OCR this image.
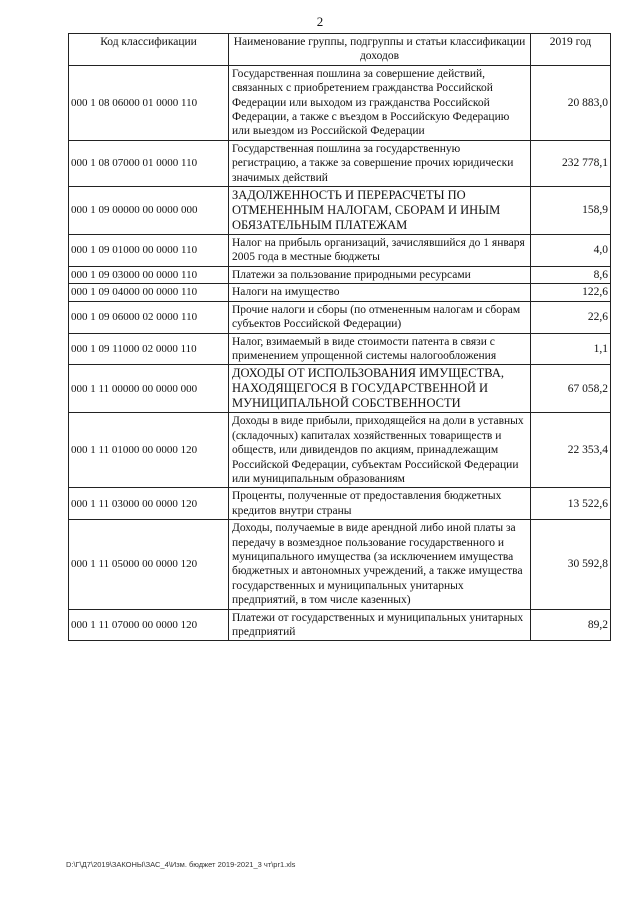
2
Код классификации	Наименование группы, подгруппы и статьи классификации доходов	2019 год
000 1 08 06000 01 0000 110	Государственная пошлина за совершение действий, связанных с приобретением гражданства Российской Федерации или выходом из гражданства Российской Федерации, а также с въездом в Российскую Федерацию или выездом из Российской Федерации	20 883,0
000 1 08 07000 01 0000 110	Государственная пошлина за государственную регистрацию, а также за совершение прочих юридически значимых действий	232 778,1
000 1 09 00000 00 0000 000	ЗАДОЛЖЕННОСТЬ И ПЕРЕРАСЧЕТЫ ПО ОТМЕНЕННЫМ НАЛОГАМ, СБОРАМ И ИНЫМ ОБЯЗАТЕЛЬНЫМ ПЛАТЕЖАМ	158,9
000 1 09 01000 00 0000 110	Налог на прибыль организаций, зачислявшийся до 1 января 2005 года в местные бюджеты	4,0
000 1 09 03000 00 0000 110	Платежи за пользование природными ресурсами	8,6
000 1 09 04000 00 0000 110	Налоги на имущество	122,6
000 1 09 06000 02 0000 110	Прочие налоги и сборы (по отмененным налогам и сборам субъектов Российской Федерации)	22,6
000 1 09 11000 02 0000 110	Налог, взимаемый в виде стоимости патента в связи с применением упрощенной системы налогообложения	1,1
000 1 11 00000 00 0000 000	ДОХОДЫ ОТ ИСПОЛЬЗОВАНИЯ ИМУЩЕСТВА, НАХОДЯЩЕГОСЯ В ГОСУДАРСТВЕННОЙ И МУНИЦИПАЛЬНОЙ СОБСТВЕННОСТИ	67 058,2
000 1 11 01000 00 0000 120	Доходы в виде прибыли, приходящейся на доли в уставных (складочных) капиталах хозяйственных товариществ и обществ, или дивидендов по акциям, принадлежащим Российской Федерации, субъектам Российской Федерации или муниципальным образованиям	22 353,4
000 1 11 03000 00 0000 120	Проценты, полученные от предоставления бюджетных кредитов внутри страны	13 522,6
000 1 11 05000 00 0000 120	Доходы, получаемые в виде арендной либо иной платы за передачу в возмездное пользование государственного и муниципального имущества (за исключением имущества бюджетных и автономных учреждений, а также имущества государственных и муниципальных унитарных предприятий, в том числе казенных)	30 592,8
000 1 11 07000 00 0000 120	Платежи от государственных и муниципальных унитарных предприятий	89,2
D:\Г\Д7\2019\ЗАКОНЫ\ЗАС_4\Изм. бюджет 2019-2021_3 чт\рr1.xls
